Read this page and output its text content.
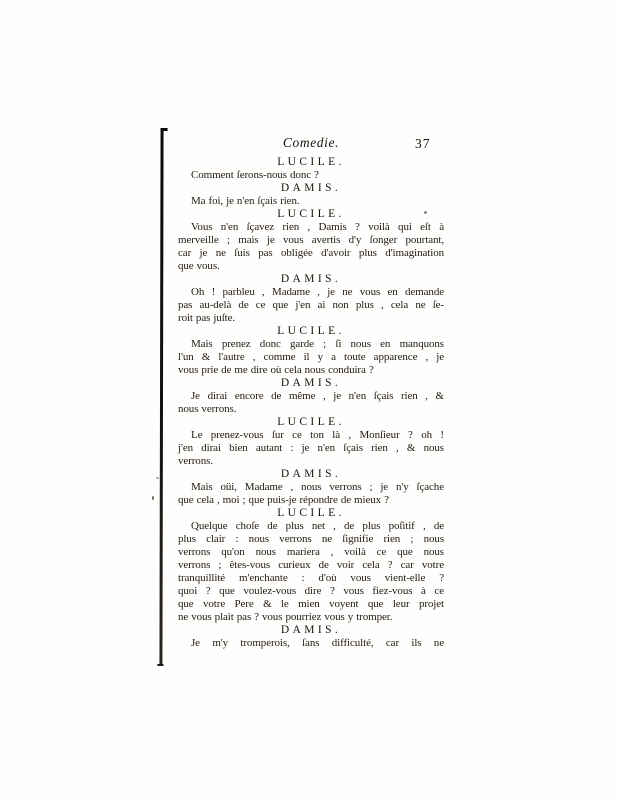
Comedie.	37
LUCILE.
Comment ſerons-nous donc ?
DAMIS.
Ma foi, je n'en ſçais rien.
LUCILE.
Vous n'en ſçavez rien , Damis ? voilà qui eſt à
merveille ; mais je vous avertis d'y ſonger pourtant,
car je ne ſuis pas obligée d'avoir plus d'imagination
que vous.
DAMIS.
Oh ! parbleu , Madame , je ne vous en demande
pas au-delà de ce que j'en ai non plus , cela ne ſe-
roit pas juſte.
LUCILE.
Mais prenez donc garde ; ſi nous en manquons
l'un & l'autre , comme il y a toute apparence , je
vous prie de me dire où cela nous conduira ?
DAMIS.
Je dirai encore de même , je n'en ſçais rien , &
nous verrons.
LUCILE.
Le prenez-vous ſur ce ton là , Monſieur ? oh !
j'en dirai bien autant : je n'en ſçais rien , & nous
verrons.
DAMIS.
Mais oüi, Madame , nous verrons ; je n'y ſçache
que cela , moi ; que puis-je répondre de mieux ?
LUCILE.
Quelque choſe de plus net , de plus poſitif , de
plus clair : nous verrons ne ſignifie rien ; nous
verrons qu'on nous mariera , voilà ce que nous
verrons ; êtes-vous curieux de voir cela ? car votre
tranquillité m'enchante : d'où vous vient-elle ?
quoi ? que voulez-vous dire ? vous fiez-vous à ce
que votre Pere & le mien voyent que leur projet
ne vous plait pas ? vous pourriez vous y tromper.
DAMIS.
Je m'y tromperois, ſans difficulté, car ils ne
